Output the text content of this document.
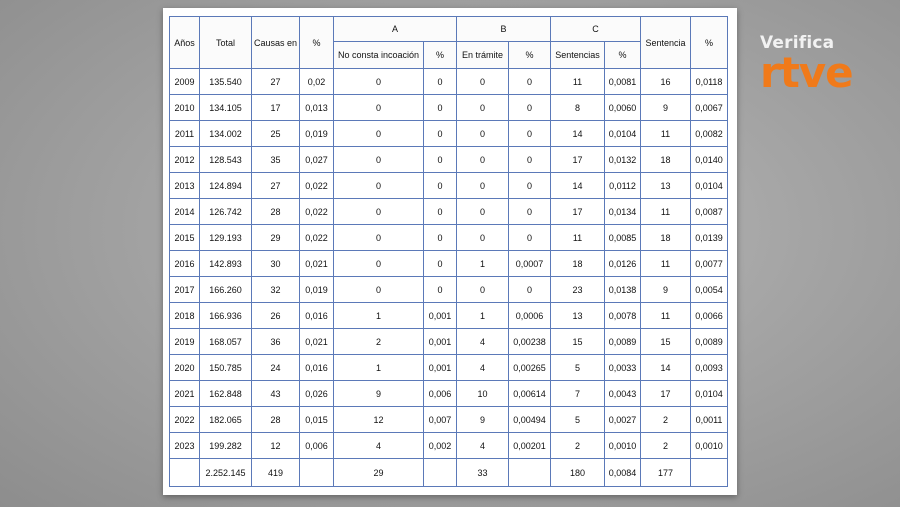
Años	Total	Causas en	%	A		B		C		Sentencia	%
				No consta incoación	%	En trámite	%	Sentencias	%		
2009	135.540	27	0,02	0	0	0	0	11	0,0081	16	0,0118
2010	134.105	17	0,013	0	0	0	0	8	0,0060	9	0,0067
2011	134.002	25	0,019	0	0	0	0	14	0,0104	11	0,0082
2012	128.543	35	0,027	0	0	0	0	17	0,0132	18	0,0140
2013	124.894	27	0,022	0	0	0	0	14	0,0112	13	0,0104
2014	126.742	28	0,022	0	0	0	0	17	0,0134	11	0,0087
2015	129.193	29	0,022	0	0	0	0	11	0,0085	18	0,0139
2016	142.893	30	0,021	0	0	1	0,0007	18	0,0126	11	0,0077
2017	166.260	32	0,019	0	0	0	0	23	0,0138	9	0,0054
2018	166.936	26	0,016	1	0,001	1	0,0006	13	0,0078	11	0,0066
2019	168.057	36	0,021	2	0,001	4	0,00238	15	0,0089	15	0,0089
2020	150.785	24	0,016	1	0,001	4	0,00265	5	0,0033	14	0,0093
2021	162.848	43	0,026	9	0,006	10	0,00614	7	0,0043	17	0,0104
2022	182.065	28	0,015	12	0,007	9	0,00494	5	0,0027	2	0,0011
2023	199.282	12	0,006	4	0,002	4	0,00201	2	0,0010	2	0,0010
	2.252.145	419		29		33		180	0,0084	177	
Verifica
rtve
